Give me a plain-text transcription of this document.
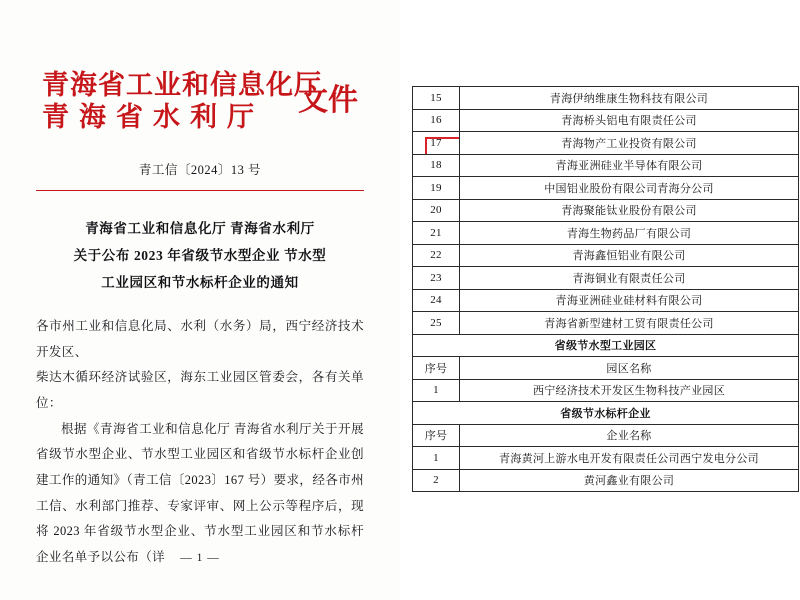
青海省工业和信息化厅
青海省水利厅	文件
青工信〔2024〕13 号
青海省工业和信息化厅 青海省水利厅
关于公布 2023 年省级节水型企业 节水型
工业园区和节水标杆企业的通知

各市州工业和信息化局、水利（水务）局，西宁经济技术开发区、

柴达木循环经济试验区，海东工业园区管委会，各有关单位：

根据《青海省工业和信息化厅 青海省水利厅关于开展省级节水型企业、节水型工业园区和省级节水标杆企业创建工作的通知》（青工信〔2023〕167 号）要求，经各市州工信、水利部门推荐、专家评审、网上公示等程序后，现将 2023 年省级节水型企业、节水型工业园区和节水标杆企业名单予以公布（详	— 1 —
15	青海伊纳维康生物科技有限公司
16	青海桥头铝电有限责任公司
17	青海物产工业投资有限公司
18	青海亚洲硅业半导体有限公司
19	中国铝业股份有限公司青海分公司
20	青海聚能钛业股份有限公司
21	青海生物药品厂有限公司
22	青海鑫恒铝业有限公司
23	青海铜业有限责任公司
24	青海亚洲硅业硅材料有限公司
25	青海省新型建材工贸有限责任公司
省级节水型工业园区	
序号	园区名称
1	西宁经济技术开发区生物科技产业园区
省级节水标杆企业	
序号	企业名称
1	青海黄河上游水电开发有限责任公司西宁发电分公司
2	黄河鑫业有限公司
